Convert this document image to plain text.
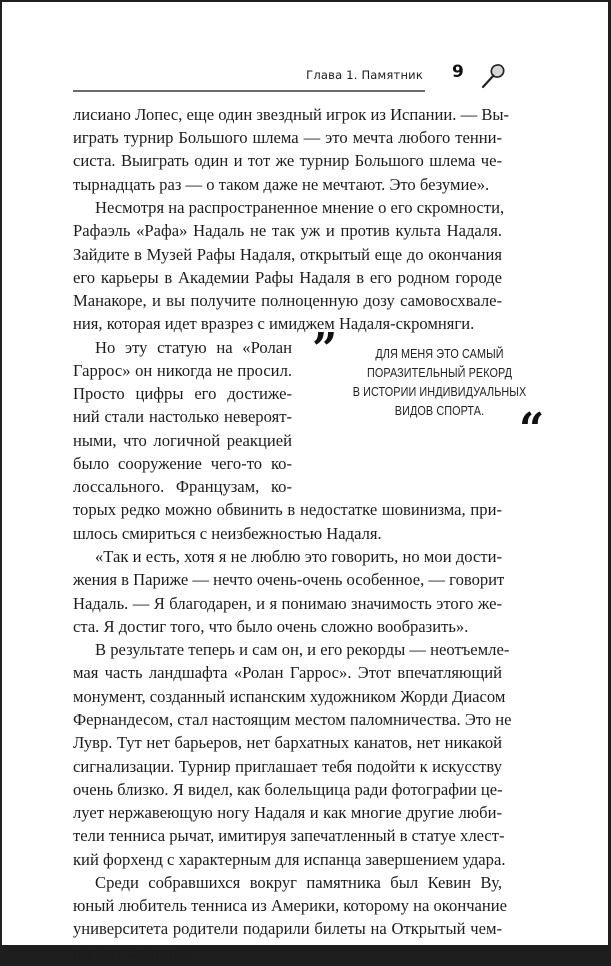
Глава 1. Памятник 9
лисиано Лопес, еще один звездный игрок из Испании. — Вы-
играть турнир Большого шлема — это мечта любого тенни-
систа. Выиграть один и тот же турнир Большого шлема че-
тырнадцать раз — о таком даже не мечтают. Это безумие».
Несмотря на распространенное мнение о его скромности,
Рафаэль «Рафа» Надаль не так уж и против культа Надаля.
Зайдите в Музей Рафы Надаля, открытый еще до окончания
его карьеры в Академии Рафы Надаля в его родном городе
Манакоре, и вы получите полноценную дозу самовосхвале-
ния, которая идет вразрез с имиджем Надаля-скромняги.
Но эту статую на «Ролан
Гаррос» он никогда не просил.
Просто цифры его достиже-
ний стали настолько невероят-
ными, что логичной реакцией
было сооружение чего-то ко-
лоссального. Французам, ко-
торых редко можно обвинить в недостатке шовинизма, при-
шлось смириться с неизбежностью Надаля.
«Так и есть, хотя я не люблю это говорить, но мои дости-
жения в Париже — нечто очень-очень особенное, — говорит
Надаль. — Я благодарен, и я понимаю значимость этого же-
ста. Я достиг того, что было очень сложно вообразить».
В результате теперь и сам он, и его рекорды — неотъемле-
мая часть ландшафта «Ролан Гаррос». Этот впечатляющий
монумент, созданный испанским художником Жорди Диасом
Фернандесом, стал настоящим местом паломничества. Это не
Лувр. Тут нет барьеров, нет бархатных канатов, нет никакой
сигнализации. Турнир приглашает тебя подойти к искусству
очень близко. Я видел, как болельщица ради фотографии це-
лует нержавеющую ногу Надаля и как многие другие люби-
тели тенниса рычат, имитируя запечатленный в статуе хлест-
кий форхенд с характерным для испанца завершением удара.
Среди собравшихся вокруг памятника был Кевин Ву,
юный любитель тенниса из Америки, которому на окончание
университета родители подарили билеты на Открытый чем-
пионат Франции.
”	ДЛЯ МЕНЯ ЭТО САМЫЙ
ПОРАЗИТЕЛЬНЫЙ РЕКОРД
В ИСТОРИИ ИНДИВИДУАЛЬНЫХ
ВИДОВ СПОРТА. “
